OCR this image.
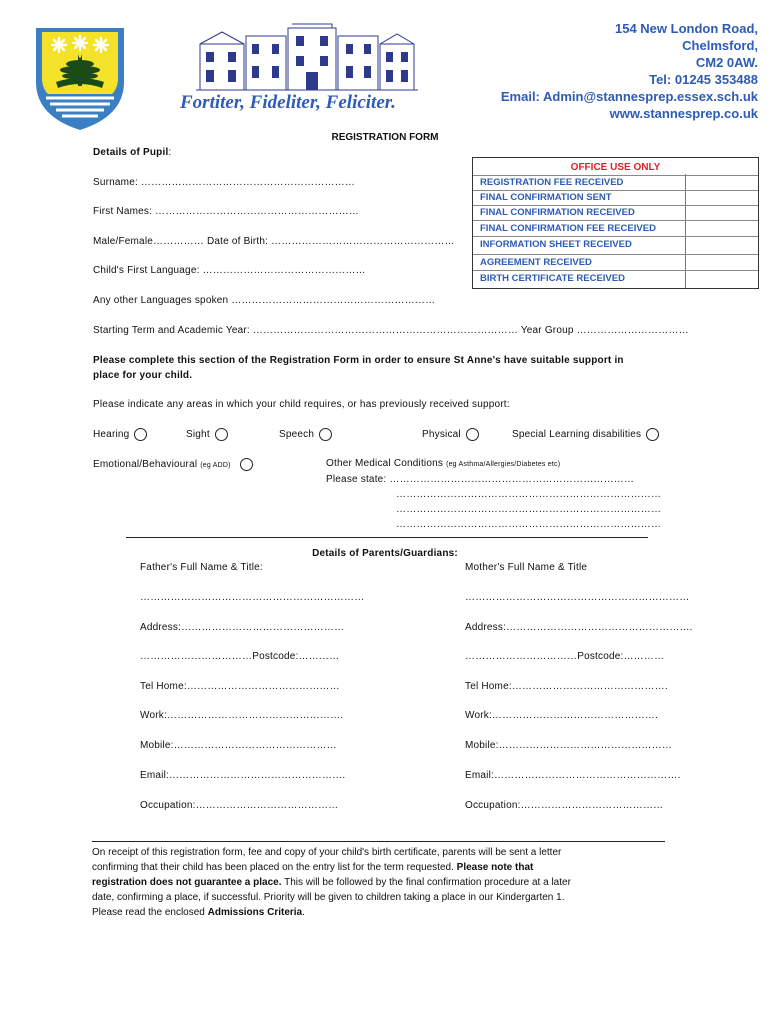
Fortiter, Fideliter, Feliciter.
154 New London Road,
Chelmsford,
CM2 0AW.
Tel: 01245 353488
Email: Admin@stannesprep.essex.sch.uk
www.stannesprep.co.uk
REGISTRATION FORM
Details of Pupil:
Surname: ………………………………………………………
First Names: ……………………………………………………
Male/Female…………… Date of Birth: ………………………………………………
Child's First Language: …………………………………………
Any other Languages spoken ……………………………………………………
Starting Term and Academic Year: …………………………………………………………………… Year Group ……………………………
OFFICE USE ONLY
REGISTRATION FEE RECEIVED
FINAL CONFIRMATION SENT
FINAL CONFIRMATION RECEIVED
FINAL CONFIRMATION FEE RECEIVED
INFORMATION SHEET RECEIVED
AGREEMENT RECEIVED
BIRTH CERTIFICATE RECEIVED
Please complete this section of the Registration Form in order to ensure St Anne's have suitable support in
place for your child.
Please indicate any areas in which your child requires, or has previously received support:
Hearing	Sight	Speech	Physical	Special Learning disabilities
Emotional/Behavioural (eg ADD)	Other Medical Conditions (eg Asthma/Allergies/Diabetes etc)
Please state: ………………………………………………………………
……………………………………………………………………
……………………………………………………………………
……………………………………………………………………
Details of Parents/Guardians:
Father's Full Name & Title:	Mother's Full Name & Title
…………………………………………………………	…………………………………………………………
Address:…………………………………………	Address:……………………………………………….
……………………………Postcode:…………	……………………………Postcode:…………
Tel Home:………………………………………	Tel Home:……………………………………….
Work:…………………………………………….	Work:………………………………………….
Mobile:…………………………………………	Mobile:……………………………………………
Email:…………………………………………….	Email:……………………………………………….
Occupation:……………………………………	Occupation:……………………………………
On receipt of this registration form, fee and copy of your child's birth certificate, parents will be sent a letter
confirming that their child has been placed on the entry list for the term requested. Please note that
registration does not guarantee a place. This will be followed by the final confirmation procedure at a later
date, confirming a place, if successful. Priority will be given to children taking a place in our Kindergarten 1.
Please read the enclosed Admissions Criteria.
